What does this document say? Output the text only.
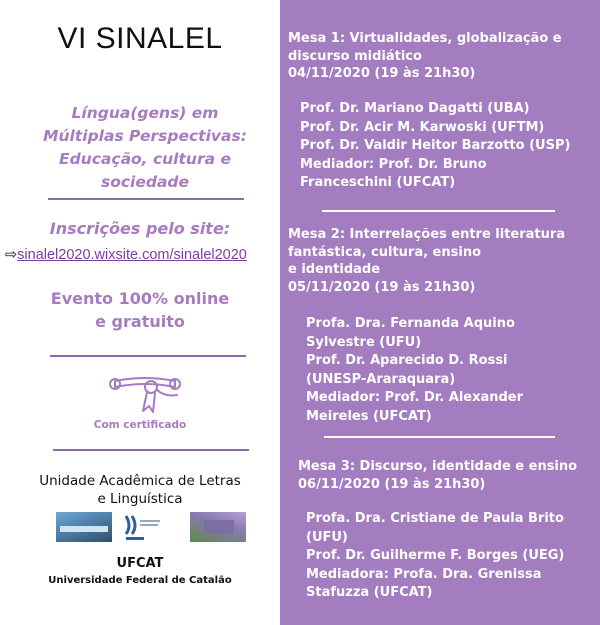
VI SINALEL
Língua(gens) em
Múltiplas Perspectivas:
Educação, cultura e
sociedade
Inscrições pelo site:
⇨sinalel2020.wixsite.com/sinalel2020
Evento 100% online
e gratuito
Com certificado
Unidade Acadêmica de Letras
e Linguística
UFCAT
Universidade Federal de Catalão
Mesa 1: Virtualidades, globalização e
discurso midiático
04/11/2020 (19 às 21h30)
Prof. Dr. Mariano Dagatti (UBA)
Prof. Dr. Acir M. Karwoski (UFTM)
Prof. Dr. Valdir Heitor Barzotto (USP)
Mediador: Prof. Dr. Bruno
Franceschini (UFCAT)
Mesa 2: Interrelações entre literatura
fantástica, cultura, ensino
e identidade
05/11/2020 (19 às 21h30)
Profa. Dra. Fernanda Aquino
Sylvestre (UFU)
Prof. Dr. Aparecido D. Rossi
(UNESP-Araraquara)
Mediador: Prof. Dr. Alexander
Meireles (UFCAT)
Mesa 3: Discurso, identidade e ensino
06/11/2020 (19 às 21h30)
Profa. Dra. Cristiane de Paula Brito
(UFU)
Prof. Dr. Guilherme F. Borges (UEG)
Mediadora: Profa. Dra. Grenissa
Stafuzza (UFCAT)
